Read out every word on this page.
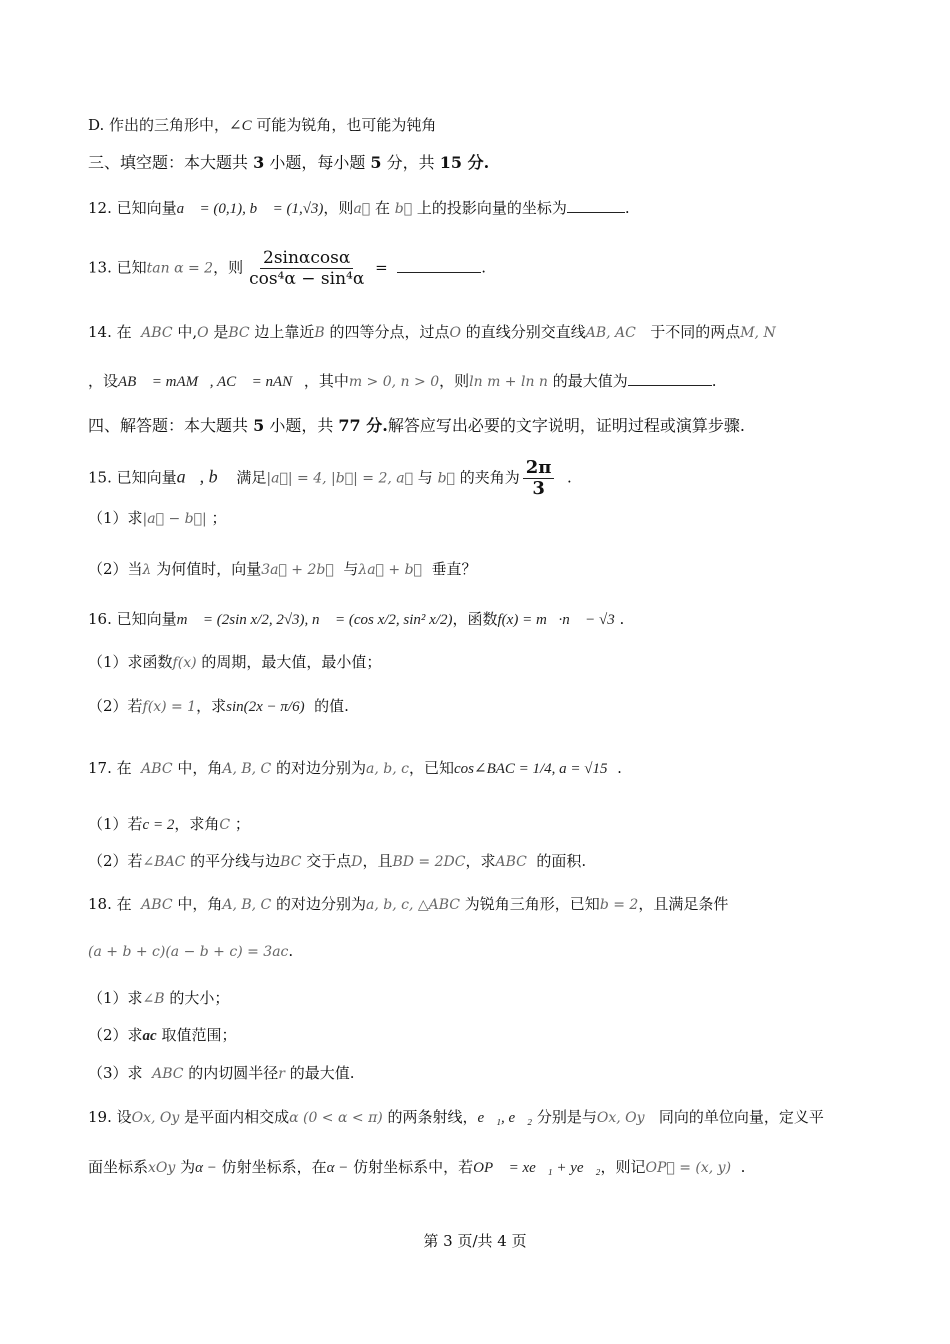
D. 作出的三角形中，∠C 可能为锐角，也可能为钝角
三、填空题：本大题共 3 小题，每小题 5 分，共 15 分.
12. 已知向量a⃗ = (0,1), b⃗ = (1,√3)，则a⃗ 在 b⃗ 上的投影向量的坐标为	.
13. 已知tan α = 2，则 $\frac{2\sin\alpha\cos\alpha}{\text{cos⁴α − sin⁴α}}$ =	.
14. 在 ABC 中,O 是BC 边上靠近B 的四等分点，过点O 的直线分别交直线AB, AC   于不同的两点M, N
，设AB⃗ = mAM⃗, AC⃗ = nAN⃗，其中m > 0, n > 0，则ln m + ln n 的最大值为	.
四、解答题：本大题共 5 小题，共 77 分.解答应写出必要的文字说明，证明过程或演算步骤.
15. 已知向量a⃗, b⃗ 满足|a⃗| = 4, |b⃗| = 2, a⃗ 与 b⃗ 的夹角为 $\frac{2\pi}{3}$ .
（1）求|a⃗ − b⃗| ；
（2）当λ 为何值时，向量3a⃗ + 2b⃗  与λa⃗ + b⃗  垂直？
16. 已知向量m⃗ = (2sin x/2, 2√3), n⃗ = (cos x/2, sin² x/2)，函数f(x) = m⃗·n⃗ − √3 .
（1）求函数f(x) 的周期，最大值，最小值；
（2）若f(x) = 1，求sin(2x − π/6)  的值.
17. 在 ABC 中，角A, B, C 的对边分别为a, b, c，已知cos∠BAC = 1/4, a = √15 .
（1）若c = 2，求角C ；
（2）若∠BAC 的平分线与边BC 交于点D，且BD = 2DC，求ABC  的面积.
18. 在 ABC 中，角A, B, C 的对边分别为a, b, c, △ABC 为锐角三角形，已知b = 2，且满足条件
(a + b + c)(a − b + c) = 3ac.
（1）求∠B 的大小；
（2）求ac 取值范围；
（3）求 ABC 的内切圆半径r 的最大值.
19. 设Ox, Oy 是平面内相交成α (0 < α < π) 的两条射线，e⃗₁, e⃗₂ 分别是与Ox, Oy   同向的单位向量，定义平
面坐标系xOy 为α − 仿射坐标系，在α − 仿射坐标系中，若OP⃗ = xe⃗₁ + ye⃗₂，则记OP⃗ = (x, y) .
第 3 页/共 4 页
